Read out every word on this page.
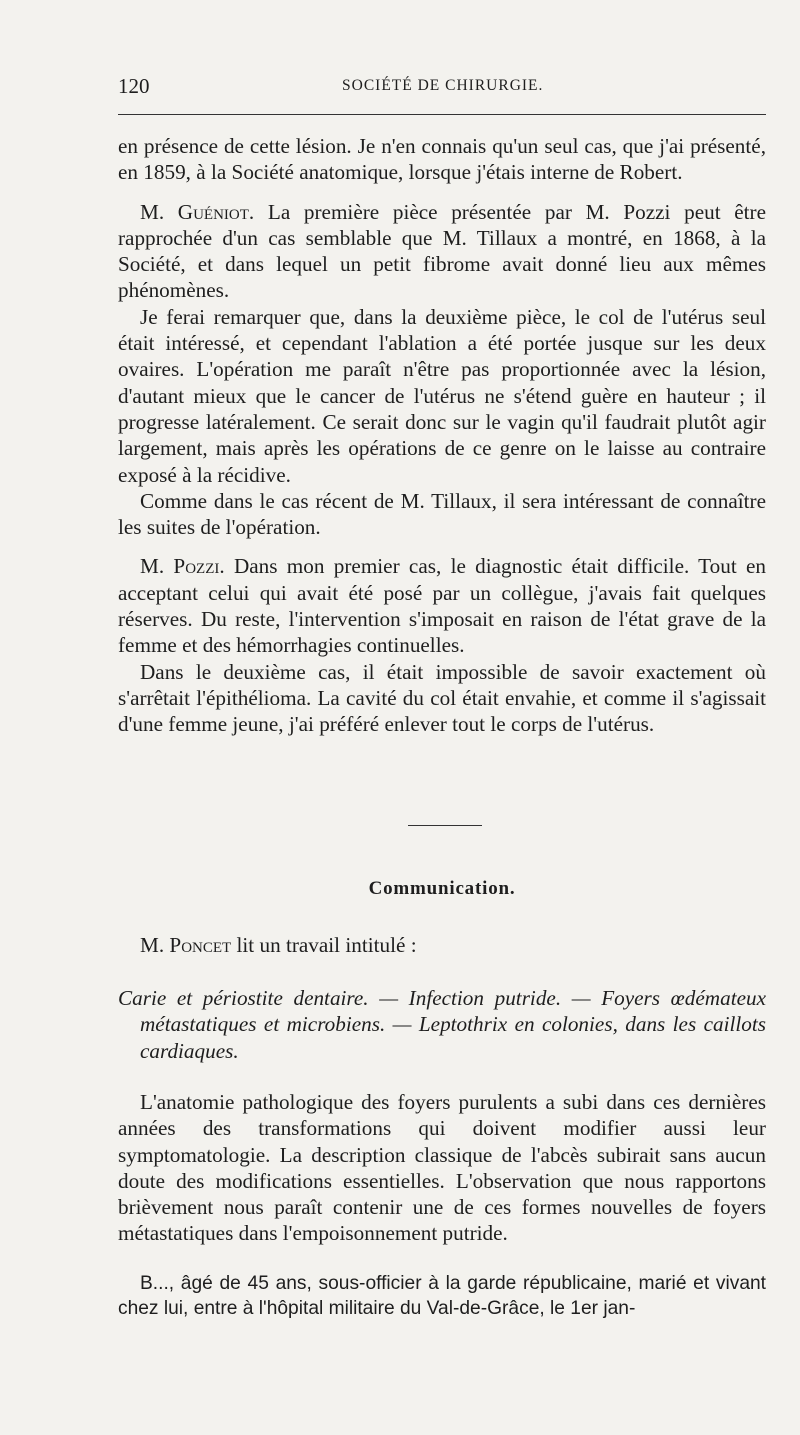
120	SOCIÉTÉ DE CHIRURGIE.

en présence de cette lésion. Je n'en connais qu'un seul cas, que j'ai présenté, en 1859, à la Société anatomique, lorsque j'étais interne de Robert.

M. Guéniot. La première pièce présentée par M. Pozzi peut être rapprochée d'un cas semblable que M. Tillaux a montré, en 1868, à la Société, et dans lequel un petit fibrome avait donné lieu aux mêmes phénomènes.

Je ferai remarquer que, dans la deuxième pièce, le col de l'utérus seul était intéressé, et cependant l'ablation a été portée jusque sur les deux ovaires. L'opération me paraît n'être pas proportionnée avec la lésion, d'autant mieux que le cancer de l'utérus ne s'étend guère en hauteur ; il progresse latéralement. Ce serait donc sur le vagin qu'il faudrait plutôt agir largement, mais après les opérations de ce genre on le laisse au contraire exposé à la récidive.

Comme dans le cas récent de M. Tillaux, il sera intéressant de connaître les suites de l'opération.

M. Pozzi. Dans mon premier cas, le diagnostic était difficile. Tout en acceptant celui qui avait été posé par un collègue, j'avais fait quelques réserves. Du reste, l'intervention s'imposait en raison de l'état grave de la femme et des hémorrhagies continuelles.

Dans le deuxième cas, il était impossible de savoir exactement où s'arrêtait l'épithélioma. La cavité du col était envahie, et comme il s'agissait d'une femme jeune, j'ai préféré enlever tout le corps de l'utérus.

Communication.

M. Poncet lit un travail intitulé :

Carie et périostite dentaire. — Infection putride. — Foyers œdémateux métastatiques et microbiens. — Leptothrix en colonies, dans les caillots cardiaques.

L'anatomie pathologique des foyers purulents a subi dans ces dernières années des transformations qui doivent modifier aussi leur symptomatologie. La description classique de l'abcès subirait sans aucun doute des modifications essentielles. L'observation que nous rapportons brièvement nous paraît contenir une de ces formes nouvelles de foyers métastatiques dans l'empoisonnement putride.

B..., âgé de 45 ans, sous-officier à la garde républicaine, marié et vivant chez lui, entre à l'hôpital militaire du Val-de-Grâce, le 1er jan-
